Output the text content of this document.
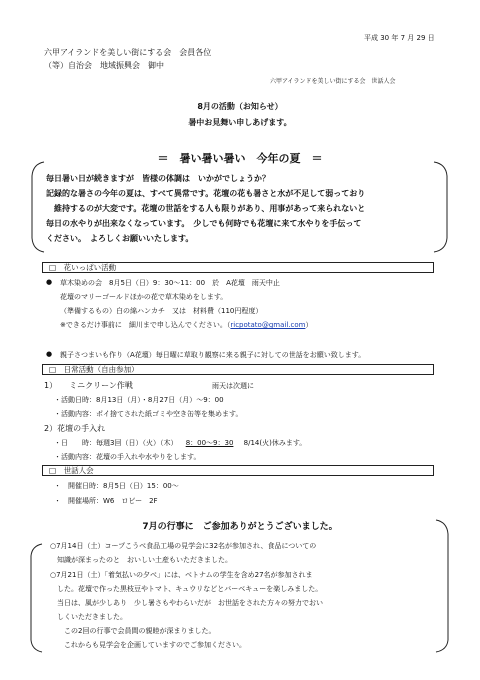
平成 30 年 7 月 29 日
六甲アイランドを美しい街にする会　会員各位
（等）自治会　地域振興会　御中
六甲アイランドを美しい街にする会　世話人会
8月の活動（お知らせ）
暑中お見舞い申しあげます。
＝　暑い暑い暑い　今年の夏　＝
毎日暑い日が続きますが　皆様の体調は　いかがでしょうか？
記録的な暑さの今年の夏は、すべて異常です。花壇の花も暑さと水が不足して弱っており
　維持するのが大変です。花壇の世話をする人も限りがあり、用事があって来られないと
毎日の水やりが出来なくなっています。　少しでも何時でも花壇に来て水やりを手伝って
ください。　よろしくお願いいたします。
□　花いっぱい活動
● 草木染めの会　8月5日（日）9：30～11：00　於　A花壇　雨天中止
花壇のマリーゴールドほかの花で草木染めをします。
（準備するもの）白の綿ハンカチ　又は　材料費（110円程度）
※できるだけ事前に　細川まで申し込んでください。（ricpotato@gmail.com）
● 親子さつまいも作り（A花壇）毎日曜に草取り観察に来る親子に対しての世話をお願い致します。
□　日常活動（自由参加）
1）　　ミニクリーン作戦	雨天は次週に
・活動日時：8月13日（月）・8月27日（月）～9：00
・活動内容：ポイ捨てされた紙ゴミや空き缶等を集めます。
2）花壇の手入れ
・日　　時：毎週3回（日）（火）（木） 8：00～9：30 8/14(火)休みます。
・活動内容：花壇の手入れや水やりをします。
□　世話人会
・　開催日時：8月5日（日）15：00～
・　開催場所：W6　ロビー　2F
7月の行事に　ご参加ありがとうございました。
○7月14日（土）コープこうべ食品工場の見学会に32名が参加され、食品についての
　知識が深まったのと　おいしい土産もいただきました。
○7月21日（土）「着気払いの夕べ」には、ベトナムの学生を含め27名が参加されま
　した。花壇で作った黒枝豆やトマト、キュウリなどとバーベキューを楽しみました。
　当日は、風が少しあり　少し暑さもやわらいだが　お世話をされた方々の努力でおい
　しくいただきました。
　　この2回の行事で会員間の親睦が深まりました。
　　これからも見学会を企画していますのでご参加ください。
